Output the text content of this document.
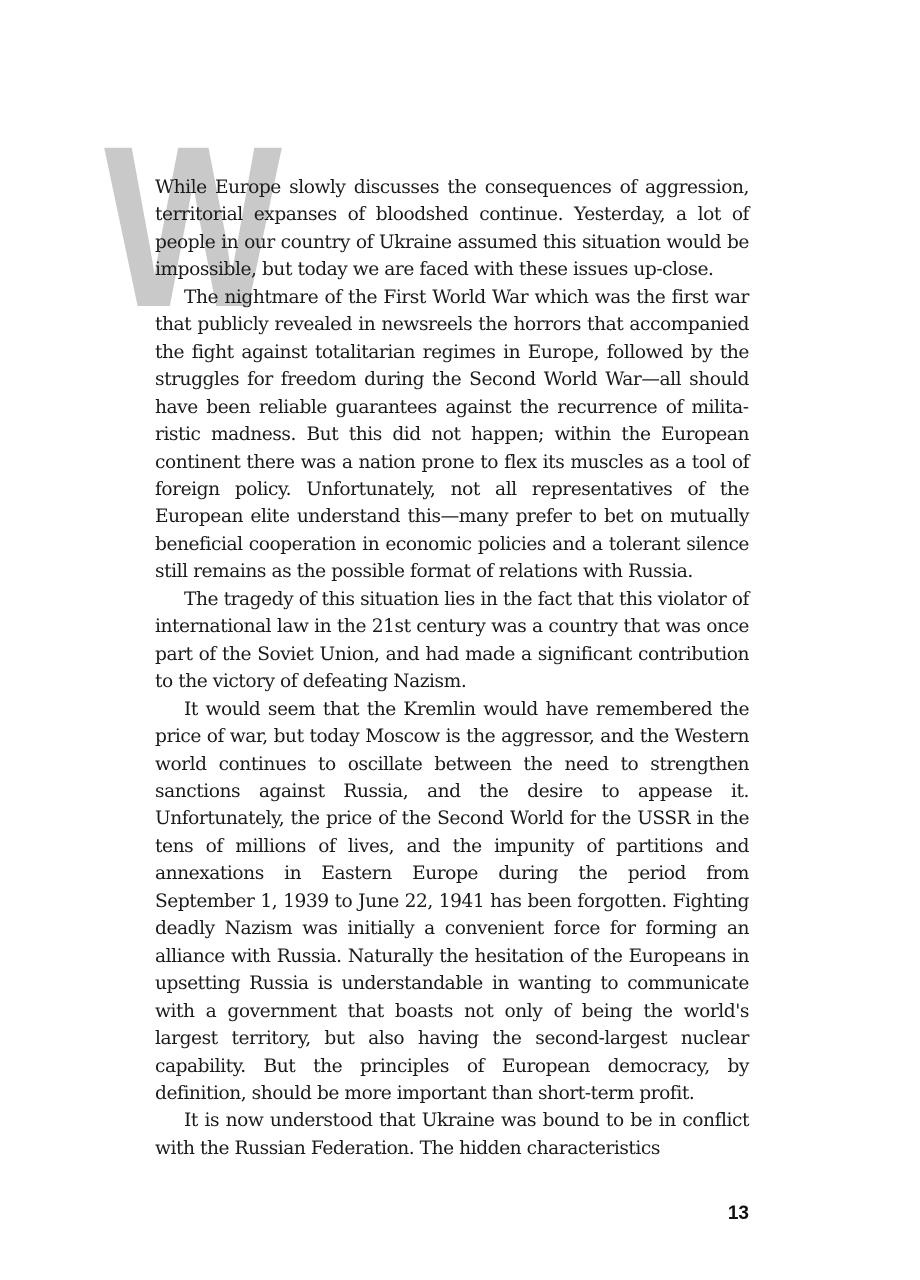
W

While Europe slowly discusses the consequences of aggression, territorial expanses of bloodshed continue. Yesterday, a lot of people in our country of Ukraine assumed this situation would be impossible, but today we are faced with these issues up-close.

The nightmare of the First World War which was the first war that publicly revealed in newsreels the horrors that accompanied the fight against totalitarian regimes in Europe, followed by the struggles for freedom during the Second World War—all should have been reliable guarantees against the recurrence of militaristic madness. But this did not happen; within the European continent there was a nation prone to flex its muscles as a tool of foreign policy. Unfortunately, not all representatives of the European elite understand this—many prefer to bet on mutually beneficial cooperation in economic policies and a tolerant silence still remains as the possible format of relations with Russia.

The tragedy of this situation lies in the fact that this violator of international law in the 21st century was a country that was once part of the Soviet Union, and had made a significant contribution to the victory of defeating Nazism.

It would seem that the Kremlin would have remembered the price of war, but today Moscow is the aggressor, and the Western world continues to oscillate between the need to strengthen sanctions against Russia, and the desire to appease it. Unfortunately, the price of the Second World for the USSR in the tens of millions of lives, and the impunity of partitions and annexations in Eastern Europe during the period from September 1, 1939 to June 22, 1941 has been forgotten. Fighting deadly Nazism was initially a convenient force for forming an alliance with Russia. Naturally the hesitation of the Europeans in upsetting Russia is understandable in wanting to communicate with a government that boasts not only of being the world's largest territory, but also having the second-largest nuclear capability. But the principles of European democracy, by definition, should be more important than short-term profit.

It is now understood that Ukraine was bound to be in conflict with the Russian Federation. The hidden characteristics

13
